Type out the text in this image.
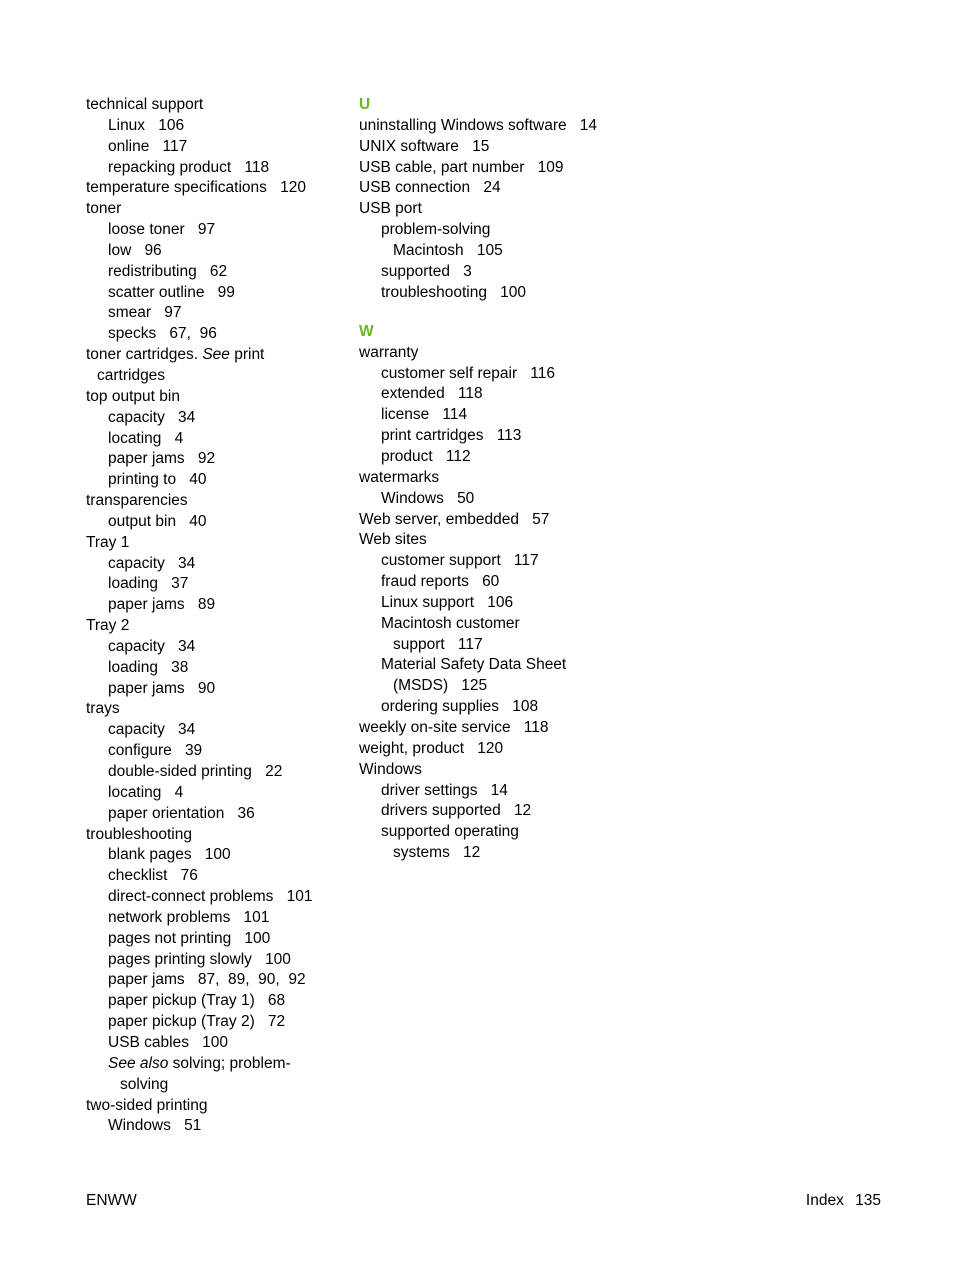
technical support
Linux 106
online 117
repacking product 118
temperature specifications 120
toner
loose toner 97
low 96
redistributing 62
scatter outline 99
smear 97
specks 67,  96
toner cartridges. See print
cartridges
top output bin
capacity 34
locating 4
paper jams 92
printing to 40
transparencies
output bin 40
Tray 1
capacity 34
loading 37
paper jams 89
Tray 2
capacity 34
loading 38
paper jams 90
trays
capacity 34
configure 39
double-sided printing 22
locating 4
paper orientation 36
troubleshooting
blank pages 100
checklist 76
direct-connect problems 101
network problems 101
pages not printing 100
pages printing slowly 100
paper jams 87,  89,  90,  92
paper pickup (Tray 1) 68
paper pickup (Tray 2) 72
USB cables 100
See also solving; problem-
solving
two-sided printing
Windows 51
U
uninstalling Windows software 14
UNIX software 15
USB cable, part number 109
USB connection 24
USB port
problem-solving
Macintosh 105
supported 3
troubleshooting 100
W
warranty
customer self repair 116
extended 118
license 114
print cartridges 113
product 112
watermarks
Windows 50
Web server, embedded 57
Web sites
customer support 117
fraud reports 60
Linux support 106
Macintosh customer
support 117
Material Safety Data Sheet
(MSDS) 125
ordering supplies 108
weekly on-site service 118
weight, product 120
Windows
driver settings 14
drivers supported 12
supported operating
systems 12
ENWW	Index 135
